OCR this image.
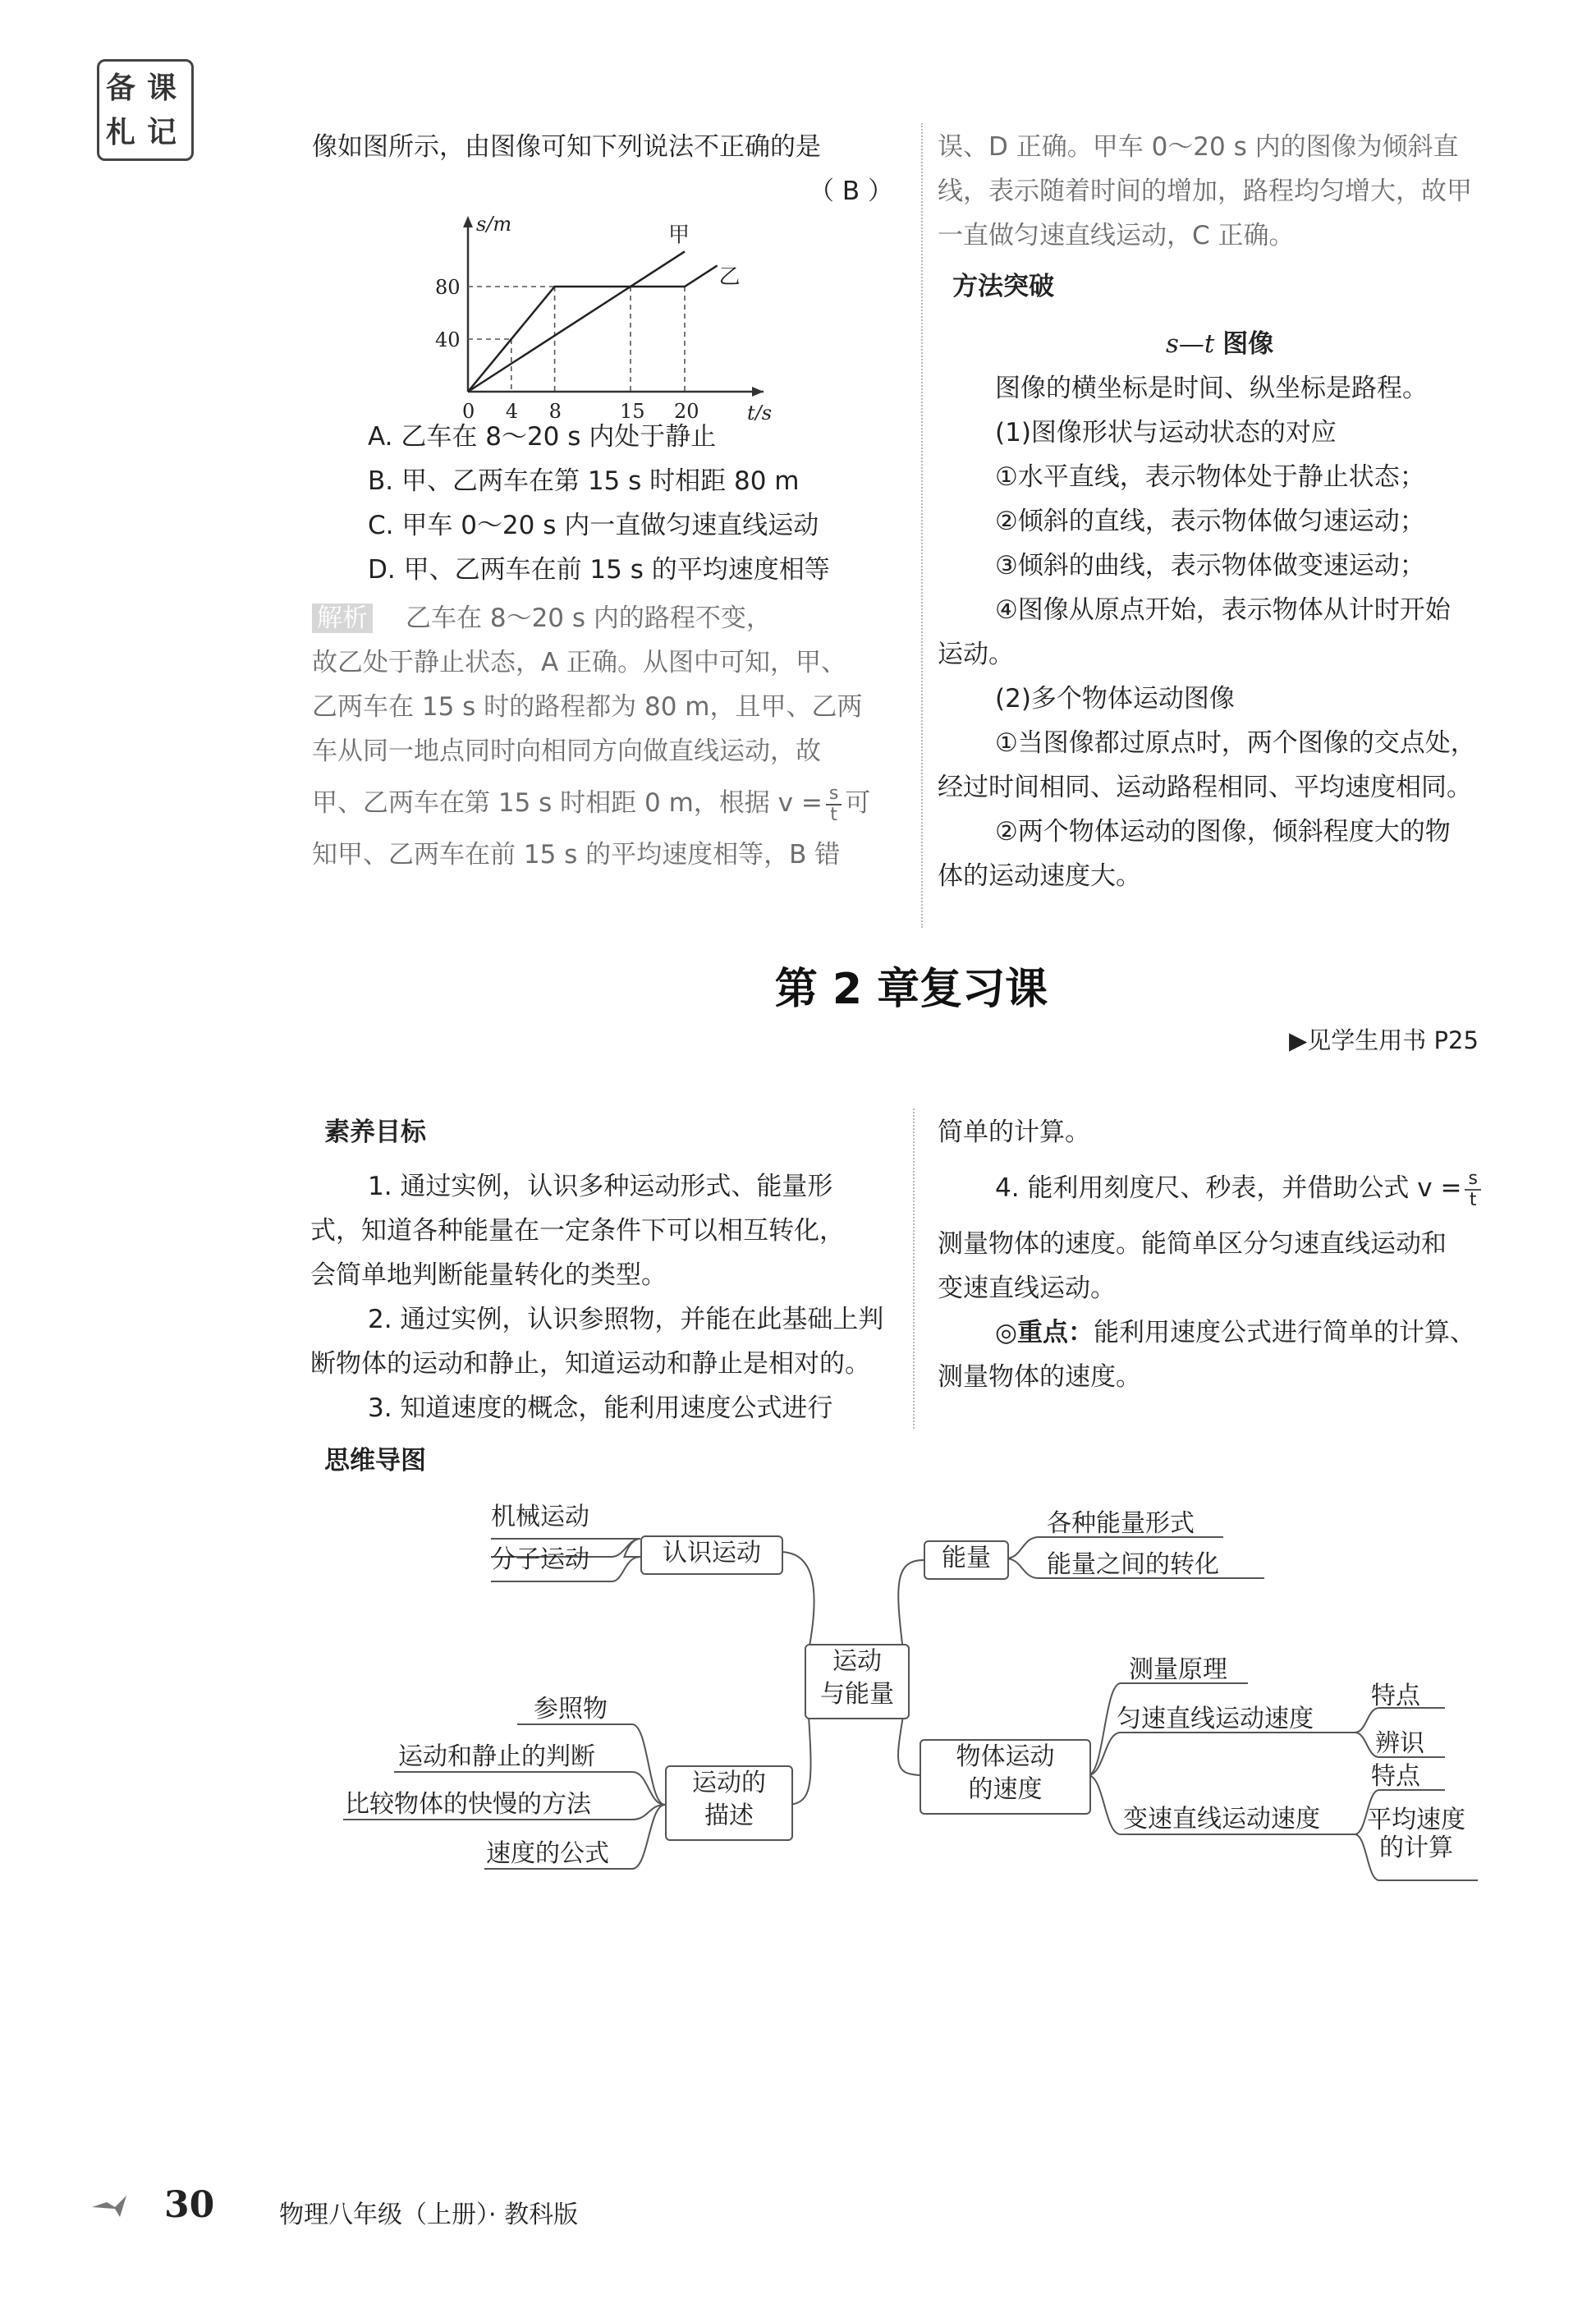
备 课
札 记	像如图所示，由图像可知下列说法不正确的是
（ B ）
s/m
t/s
0 4 8	15 20
40
80
甲
乙
A. 乙车在 8～20 s 内处于静止
B. 甲、乙两车在第 15 s 时相距 80 m
C. 甲车 0～20 s 内一直做匀速直线运动
D. 甲、乙两车在前 15 s 的平均速度相等
解析 乙车在 8～20 s 内的路程不变，
故乙处于静止状态，A 正确。从图中可知，甲、
乙两车在 15 s 时的路程都为 80 m，且甲、乙两
车从同一地点同时向相同方向做直线运动，故
甲、乙两车在第 15 s 时相距 0 m，根据 $v = \frac{s}{t}$ 可
知甲、乙两车在前 15 s 的平均速度相等，B 错
误、D 正确。甲车 0～20 s 内的图像为倾斜直
线，表示随着时间的增加，路程均匀增大，故甲
一直做匀速直线运动，C 正确。
方法突破
s—t 图像
图像的横坐标是时间、纵坐标是路程。
(1)图像形状与运动状态的对应
①水平直线，表示物体处于静止状态；
②倾斜的直线，表示物体做匀速运动；
③倾斜的曲线，表示物体做变速运动；
④图像从原点开始，表示物体从计时开始
运动。
(2)多个物体运动图像
①当图像都过原点时，两个图像的交点处，
经过时间相同、运动路程相同、平均速度相同。
②两个物体运动的图像，倾斜程度大的物
体的运动速度大。
第 2 章复习课
▶见学生用书 P25
素养目标
1. 通过实例，认识多种运动形式、能量形
式，知道各种能量在一定条件下可以相互转化，
会简单地判断能量转化的类型。
2. 通过实例，认识参照物，并能在此基础上判
断物体的运动和静止，知道运动和静止是相对的。
3. 知道速度的概念，能利用速度公式进行
简单的计算。
4. 能利用刻度尺、秒表，并借助公式 $v = \frac{s}{t}$
测量物体的速度。能简单区分匀速直线运动和
变速直线运动。
◎重点：能利用速度公式进行简单的计算、
测量物体的速度。
思维导图
运动
与能量
认识运动
机械运动
分子运动	能量
各种能量形式
能量之间的转化
运动的
描述
参照物
运动和静止的判断
比较物体的快慢的方法
速度的公式
物体运动
的速度
测量原理
匀速直线运动速度
变速直线运动速度
特点
辨识
特点
平均速度
的计算
30	物理八年级（上册）· 教科版
